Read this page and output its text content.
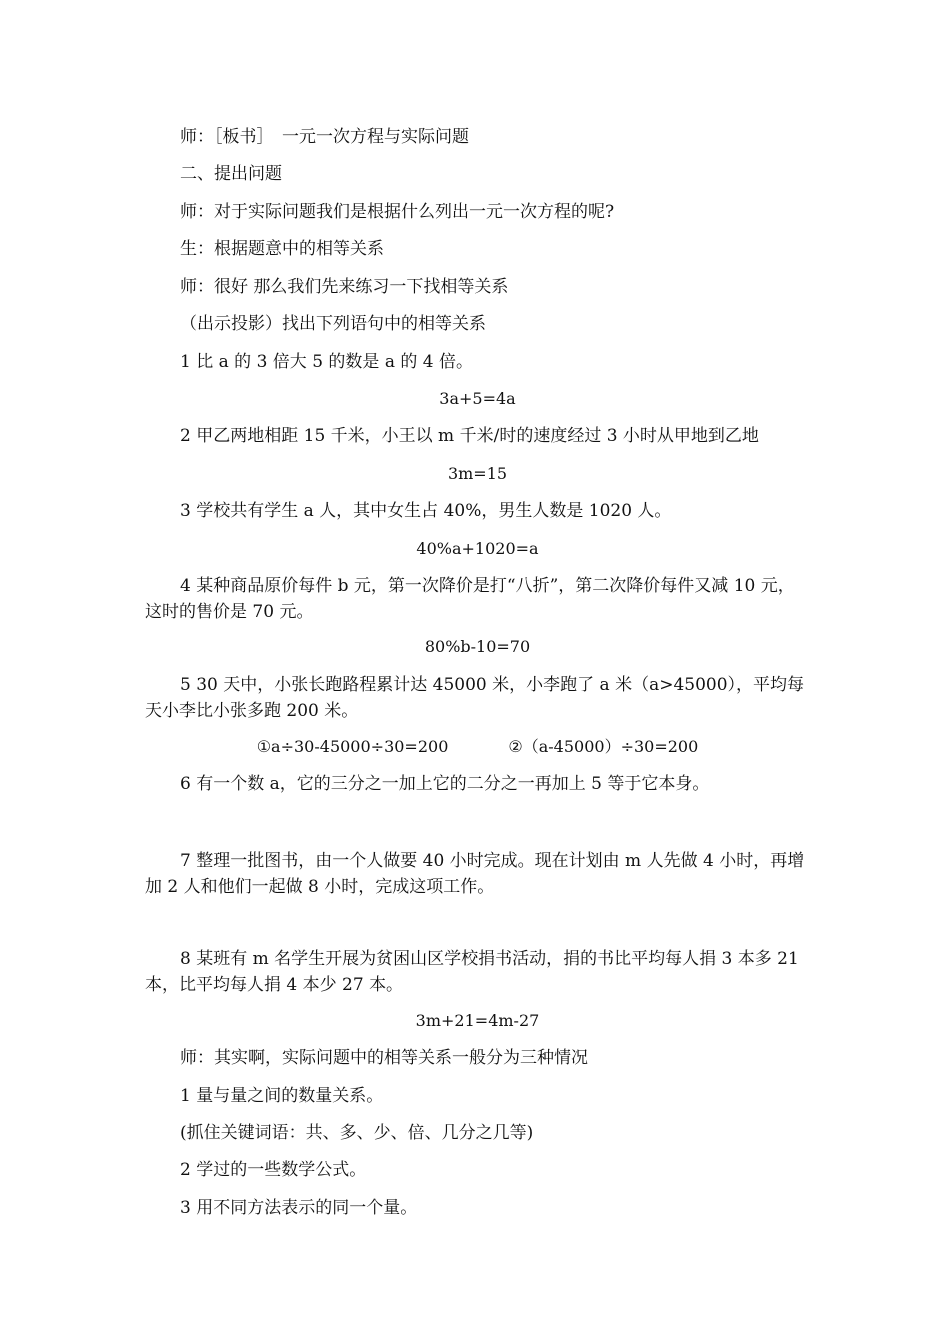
师：［板书］　一元一次方程与实际问题
二、提出问题
师：对于实际问题我们是根据什么列出一元一次方程的呢?
生：根据题意中的相等关系
师：很好 那么我们先来练习一下找相等关系
（出示投影）找出下列语句中的相等关系
1 比 a 的 3 倍大 5 的数是 a 的 4 倍。
3a+5=4a
2 甲乙两地相距 15 千米，小王以 m 千米/时的速度经过 3 小时从甲地到乙地
3m=15
3 学校共有学生 a 人，其中女生占 40%，男生人数是 1020 人。
40%a+1020=a
4 某种商品原价每件 b 元，第一次降价是打“八折”，第二次降价每件又减 10 元，这时的售价是 70 元。
80%b-10=70
5 30 天中，小张长跑路程累计达 45000 米，小李跑了 a 米（a>45000），平均每天小李比小张多跑 200 米。
①a÷30-45000÷30=200	②（a-45000）÷30=200
6 有一个数 a，它的三分之一加上它的二分之一再加上 5 等于它本身。
7 整理一批图书，由一个人做要 40 小时完成。现在计划由 m 人先做 4 小时，再增加 2 人和他们一起做 8 小时，完成这项工作。
8 某班有 m 名学生开展为贫困山区学校捐书活动，捐的书比平均每人捐 3 本多 21 本，比平均每人捐 4 本少 27 本。
3m+21=4m-27
师：其实啊，实际问题中的相等关系一般分为三种情况
1 量与量之间的数量关系。
(抓住关键词语：共、多、少、倍、几分之几等)
2 学过的一些数学公式。
3 用不同方法表示的同一个量。
